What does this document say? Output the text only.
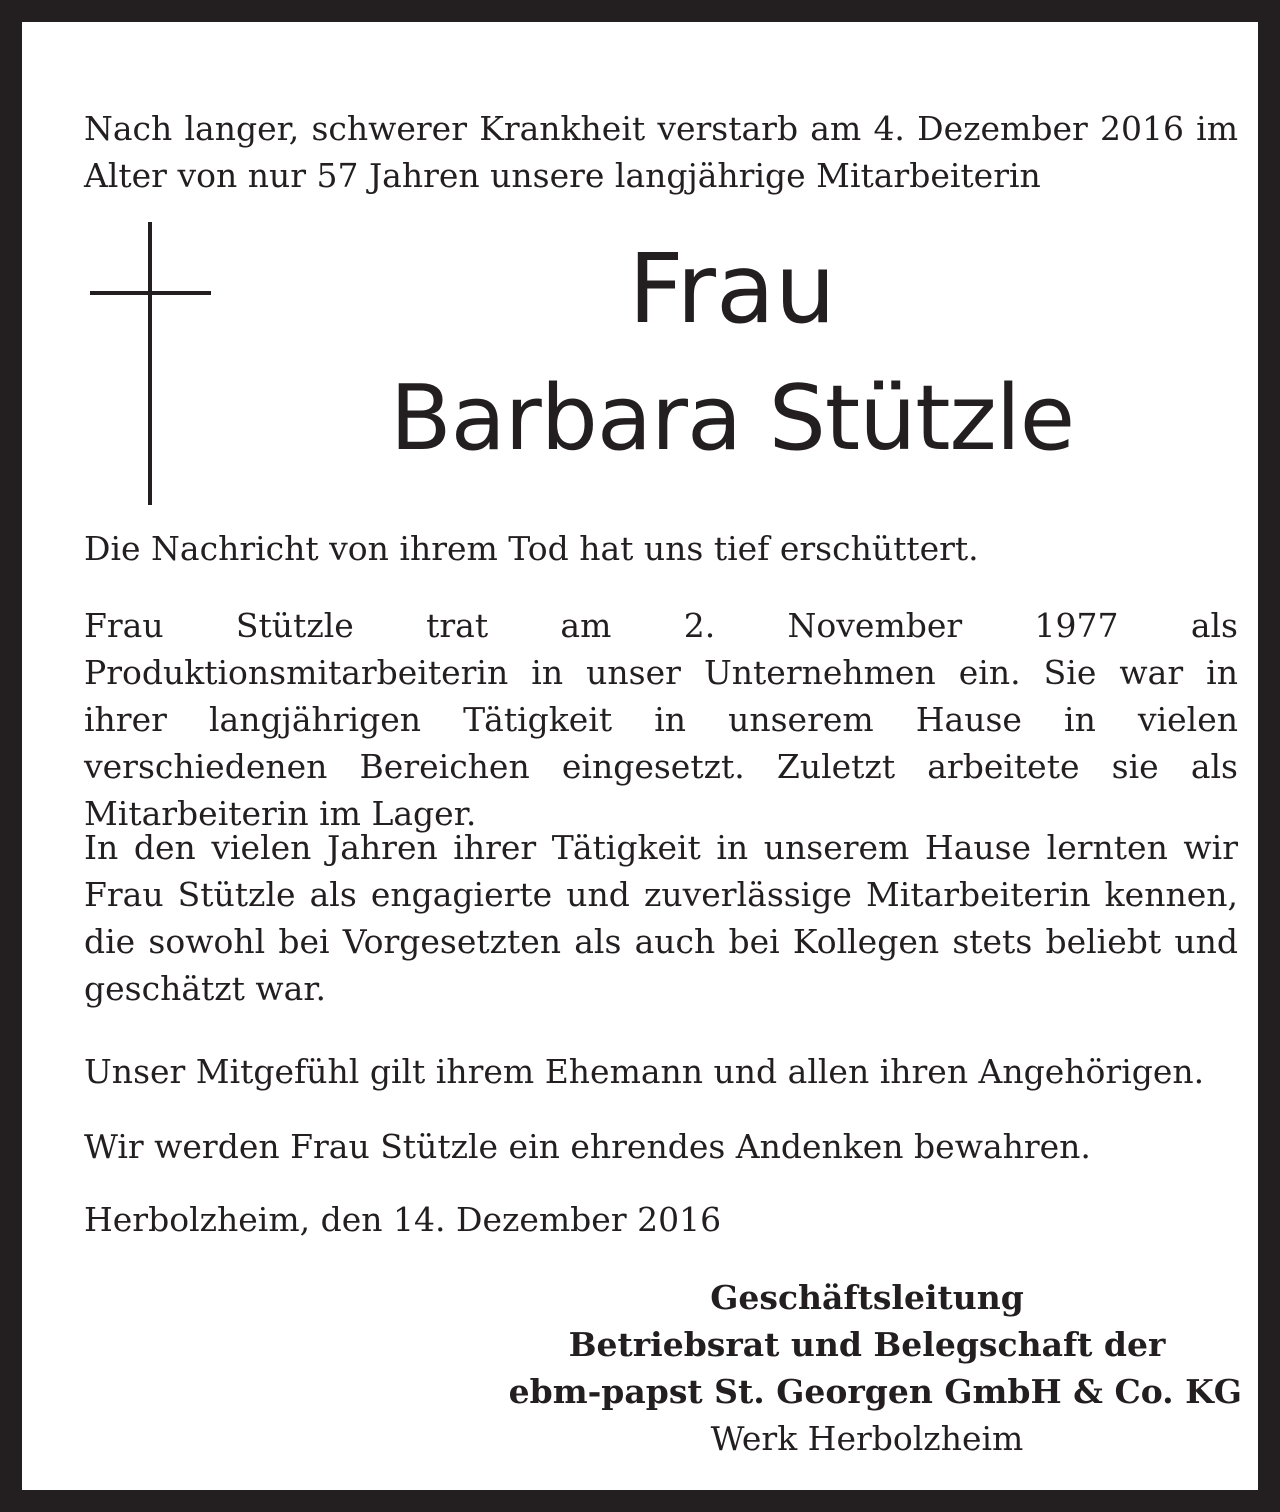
Nach langer, schwerer Krankheit verstarb am 4. Dezember 2016 im Alter von nur 57 Jahren unsere langjährige Mitarbeiterin

Frau
Barbara Stützle

Die Nachricht von ihrem Tod hat uns tief erschüttert.

Frau Stützle trat am 2. November 1977 als Produktionsmitarbeiterin in unser Unternehmen ein. Sie war in ihrer langjährigen Tätigkeit in unserem Hause in vielen verschiedenen Bereichen eingesetzt. Zuletzt arbeitete sie als Mitarbeiterin im Lager.

In den vielen Jahren ihrer Tätigkeit in unserem Hause lernten wir Frau Stützle als engagierte und zuverlässige Mitarbeiterin kennen, die sowohl bei Vorgesetzten als auch bei Kollegen stets beliebt und geschätzt war.

Unser Mitgefühl gilt ihrem Ehemann und allen ihren Angehörigen.

Wir werden Frau Stützle ein ehrendes Andenken bewahren.

Herbolzheim, den 14. Dezember 2016

Geschäftsleitung
Betriebsrat und Belegschaft der
ebm-papst St. Georgen GmbH & Co. KG
Werk Herbolzheim
